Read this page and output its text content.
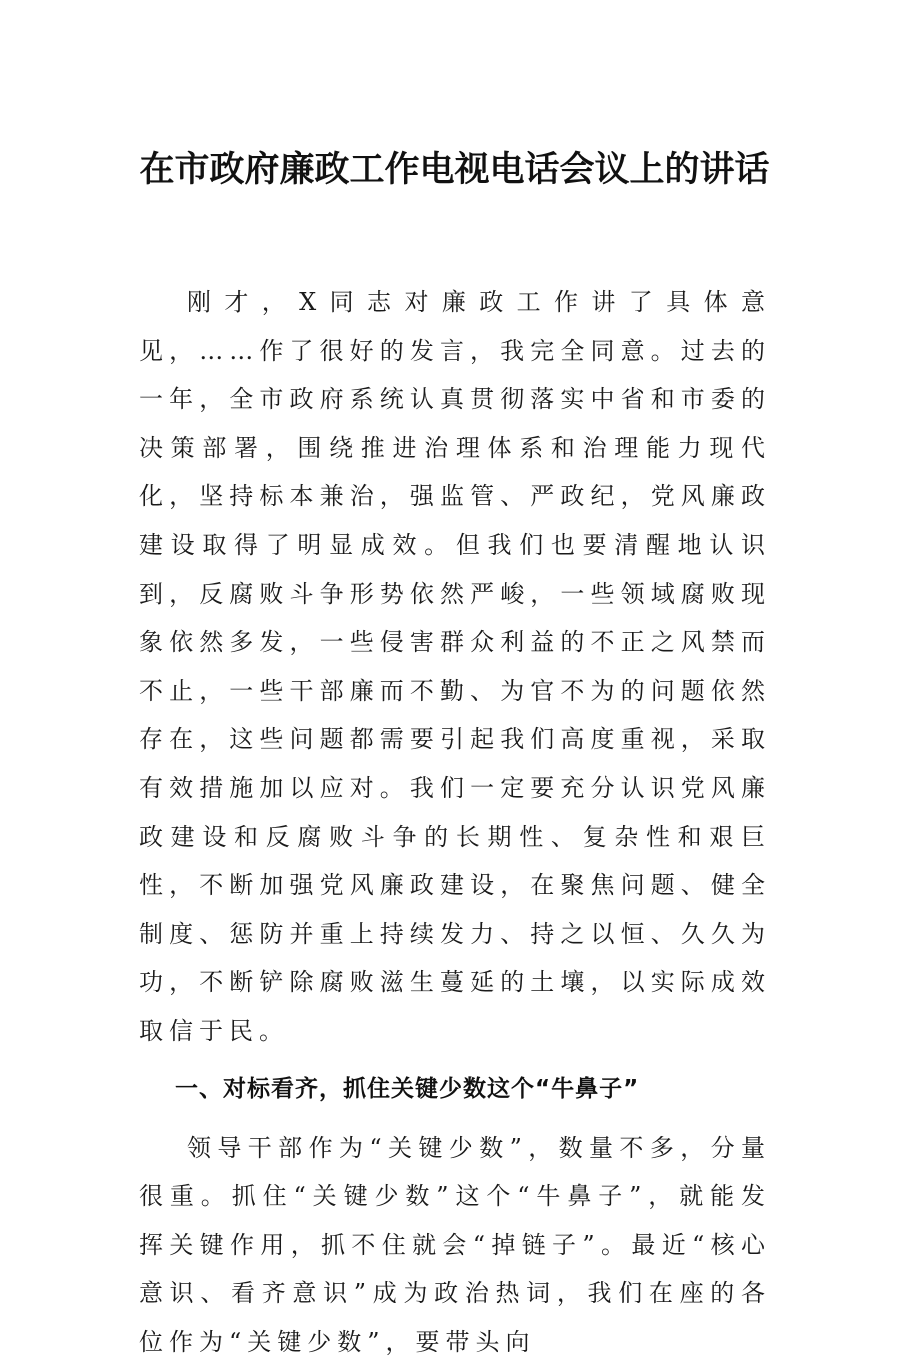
在市政府廉政工作电视电话会议上的讲话

刚才，X同志对廉政工作讲了具体意见，……作了很好的发言，我完全同意。过去的一年，全市政府系统认真贯彻落实中省和市委的决策部署，围绕推进治理体系和治理能力现代化，坚持标本兼治，强监管、严政纪，党风廉政建设取得了明显成效。但我们也要清醒地认识到，反腐败斗争形势依然严峻，一些领域腐败现象依然多发，一些侵害群众利益的不正之风禁而不止，一些干部廉而不勤、为官不为的问题依然存在，这些问题都需要引起我们高度重视，采取有效措施加以应对。我们一定要充分认识党风廉政建设和反腐败斗争的长期性、复杂性和艰巨性，不断加强党风廉政建设，在聚焦问题、健全制度、惩防并重上持续发力、持之以恒、久久为功，不断铲除腐败滋生蔓延的土壤，以实际成效取信于民。

一、对标看齐，抓住关键少数这个“牛鼻子”

领导干部作为“关键少数”，数量不多，分量很重。抓住“关键少数”这个“牛鼻子”，就能发挥关键作用，抓不住就会“掉链子”。最近“核心意识、看齐意识”成为政治热词，我们在座的各位作为“关键少数”，要带头向
